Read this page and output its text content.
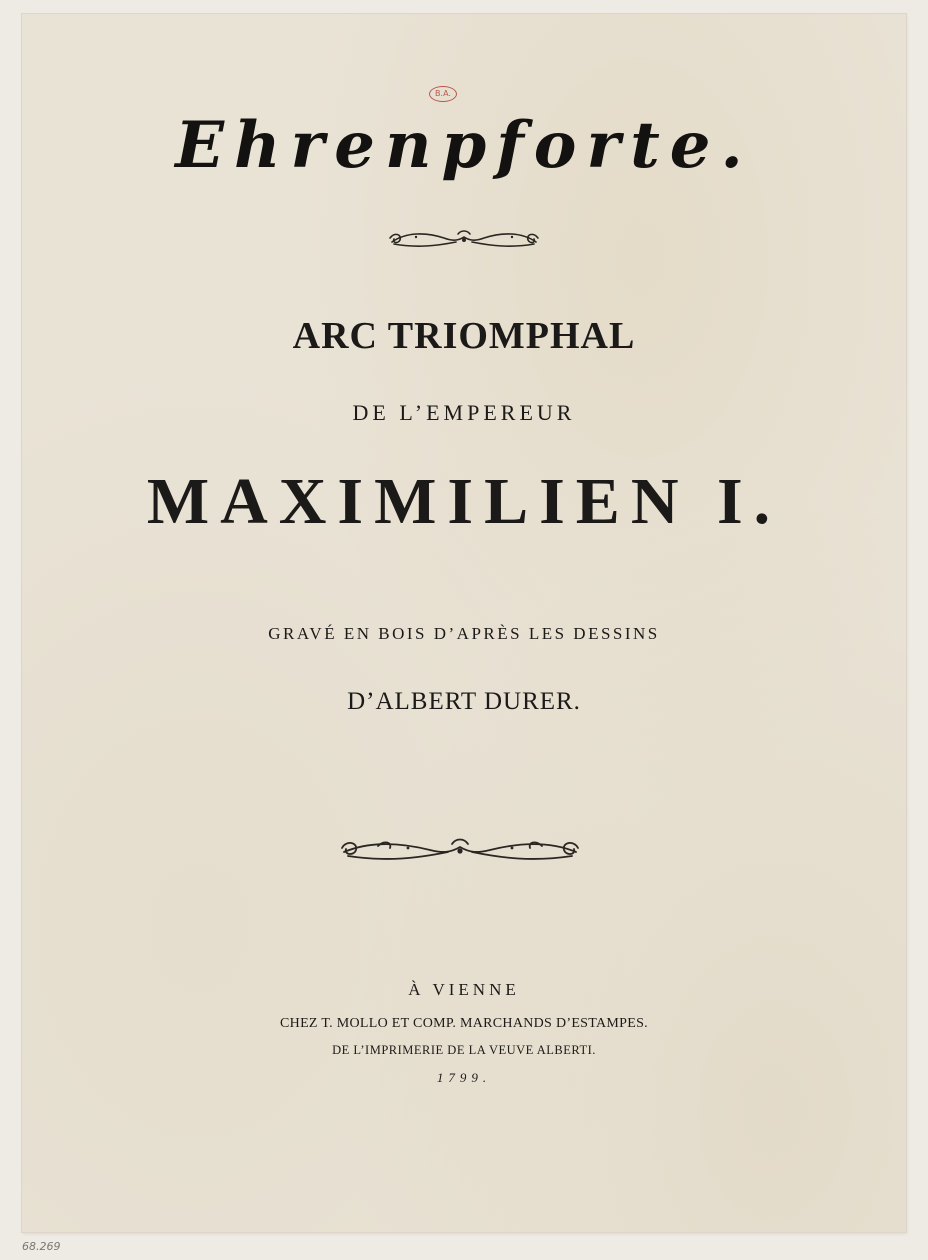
B.A.
Ehrenpforte.
ARC TRIOMPHAL
DE L’EMPEREUR
MAXIMILIEN I.
GRAVÉ EN BOIS D’APRÈS LES DESSINS
D’ALBERT DURER.
À VIENNE
CHEZ T. MOLLO ET COMP. MARCHANDS D’ESTAMPES.
DE L’IMPRIMERIE DE LA VEUVE ALBERTI.
1799.
68.269
